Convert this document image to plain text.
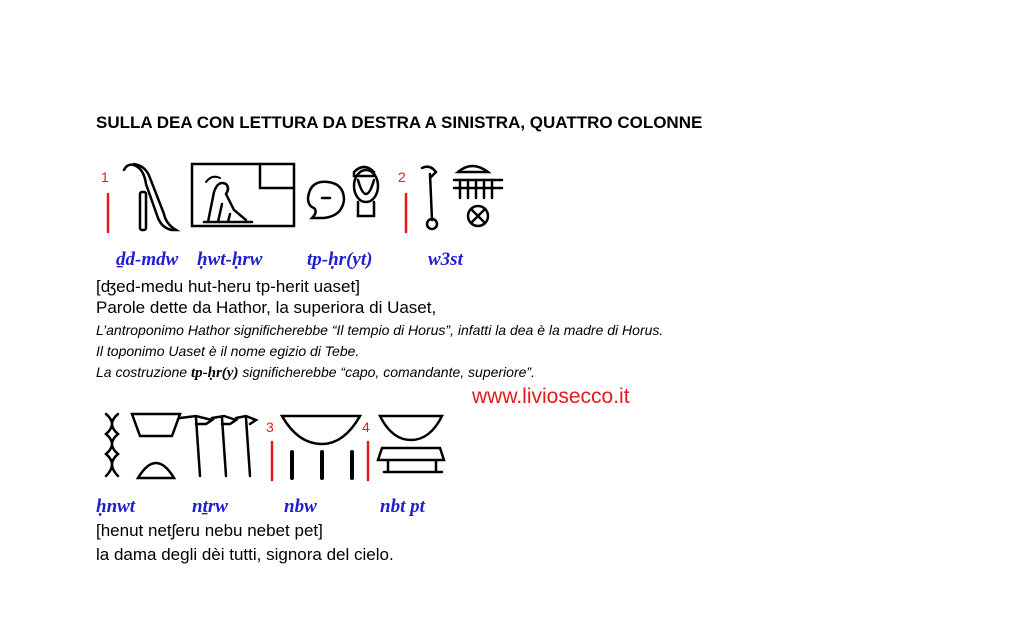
SULLA DEA CON LETTURA DA DESTRA A SINISTRA, QUATTRO COLONNE
1	2
ḏd-mdw ḥwt-ḥrw tp-ḥr(yt)	w3st
[ʤed-medu hut-heru tp-herit uaset]
Parole dette da Hathor, la superiora di Uaset,
L’antroponimo Hathor significherebbe “Il tempio di Horus”, infatti la dea è la madre di Horus.
Il toponimo Uaset è il nome egizio di Tebe.
La costruzione tp-ḥr(y) significherebbe “capo, comandante, superiore”.
www.liviosecco.it
3	4
ḥnwt	nṯrw	nbw	nbt pt
[henut netʃeru nebu nebet pet]
la dama degli dèi tutti, signora del cielo.
